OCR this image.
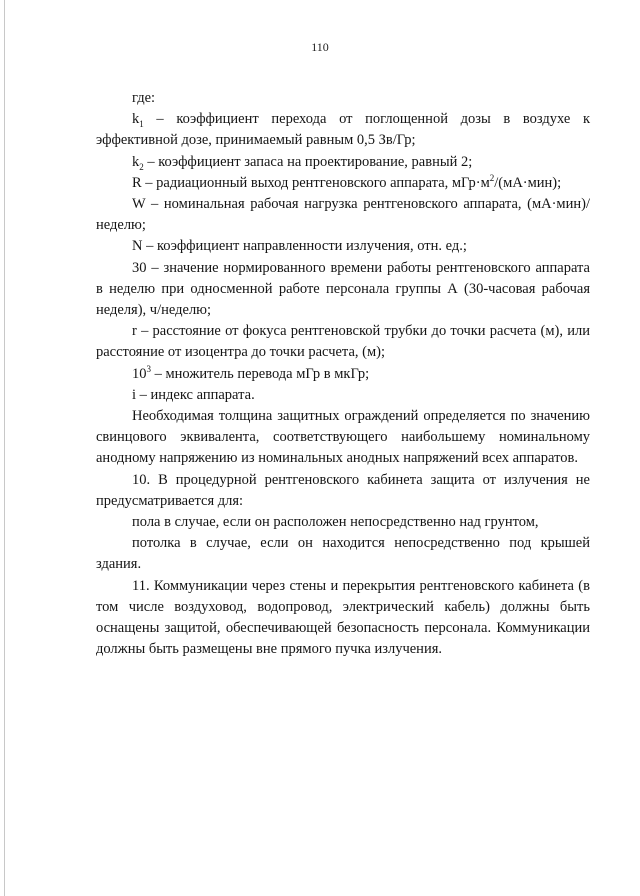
110

где:

$k_1$ – коэффициент перехода от поглощенной дозы в воздухе к эффективной дозе, принимаемый равным 0,5 Зв/Гр;

$k_2$ – коэффициент запаса на проектирование, равный 2;

R – радиационный выход рентгеновского аппарата, $мГр\cdot м^2/(мА\cdot мин)$;

W – номинальная рабочая нагрузка рентгеновского аппарата, (мА·мин)/неделю;

N – коэффициент направленности излучения, отн. ед.;

30 – значение нормированного времени работы рентгеновского аппарата в неделю при односменной работе персонала группы А (30-часовая рабочая неделя), ч/неделю;

r – расстояние от фокуса рентгеновской трубки до точки расчета (м), или расстояние от изоцентра до точки расчета, (м);

$10^3$ – множитель перевода мГр в мкГр;

i – индекс аппарата.

Необходимая толщина защитных ограждений определяется по значению свинцового эквивалента, соответствующего наибольшему номинальному анодному напряжению из номинальных анодных напряжений всех аппаратов.

10. В процедурной рентгеновского кабинета защита от излучения не предусматривается для:

пола в случае, если он расположен непосредственно над грунтом,

потолка в случае, если он находится непосредственно под крышей здания.

11. Коммуникации через стены и перекрытия рентгеновского кабинета (в том числе воздуховод, водопровод, электрический кабель) должны быть оснащены защитой, обеспечивающей безопасность персонала. Коммуникации должны быть размещены вне прямого пучка излучения.
